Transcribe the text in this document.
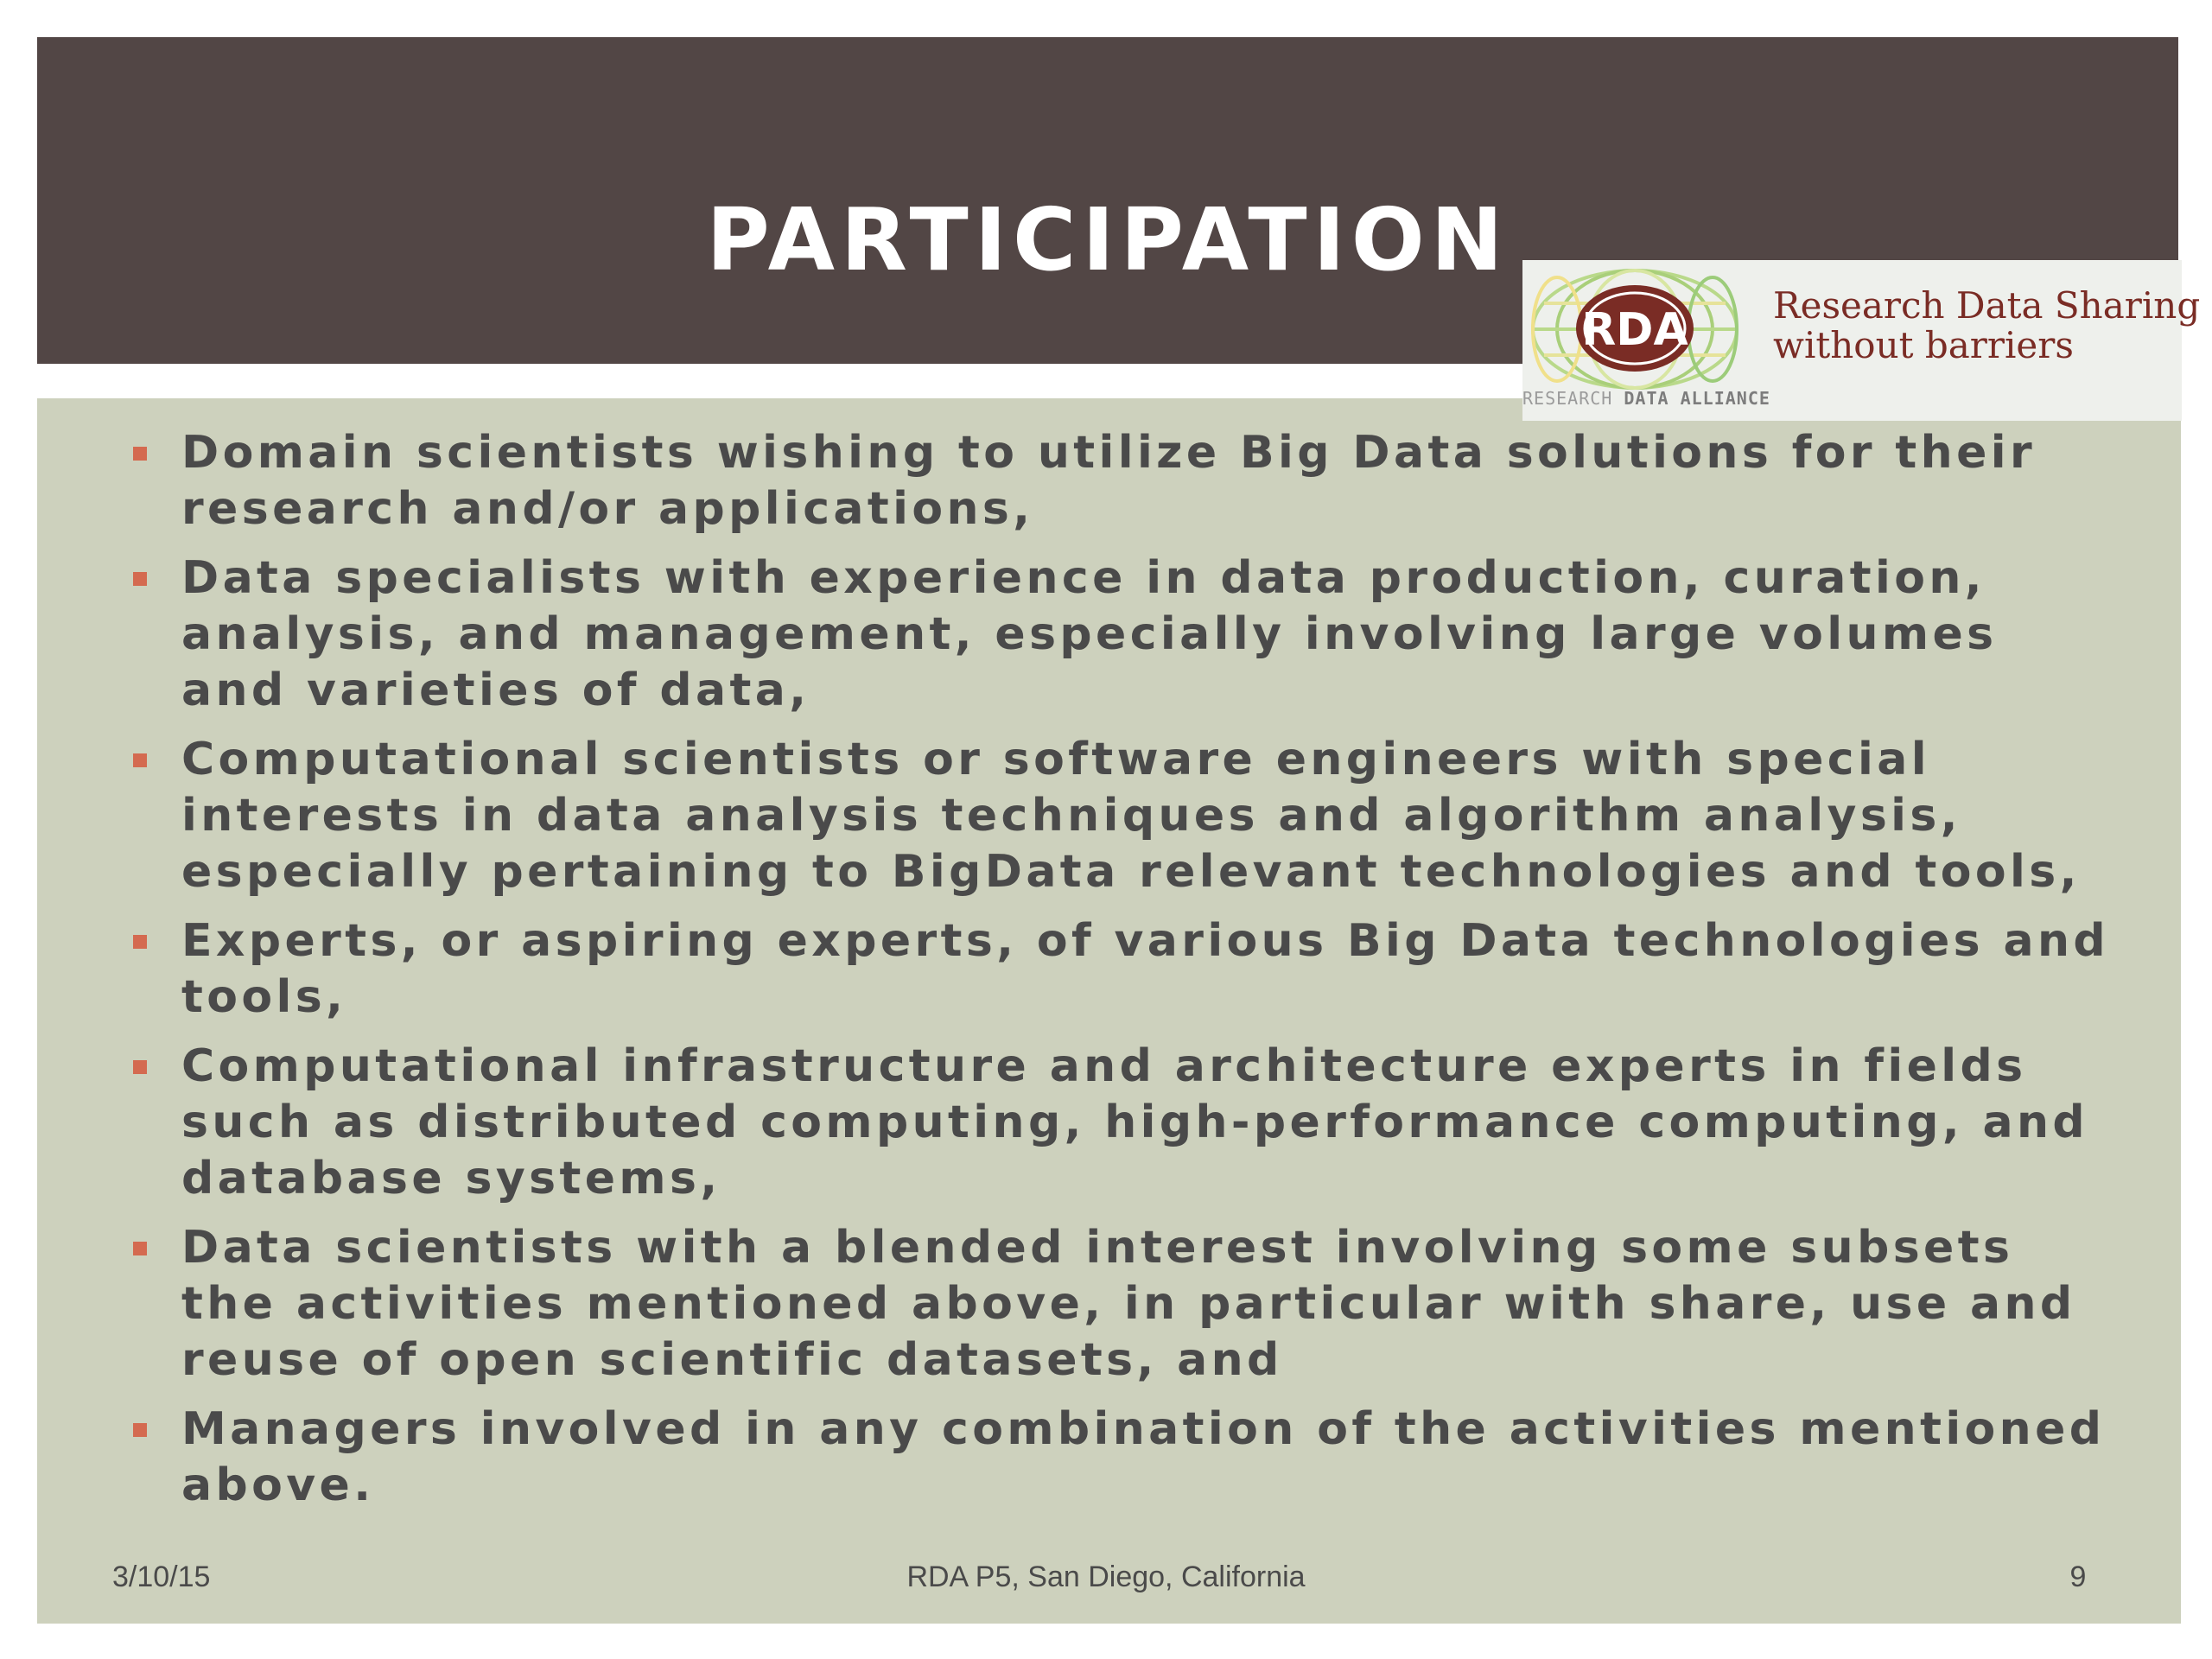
PARTICIPATION
RDA Research Data Sharing
without barriers
RESEARCH DATA ALLIANCE
Domain scientists wishing to utilize Big Data solutions for their research and/or applications,
Data specialists with experience in data production, curation, analysis, and management, especially involving large volumes and varieties of data,
Computational scientists or software engineers with special interests in data analysis techniques and algorithm analysis, especially pertaining to BigData relevant technologies and tools,
Experts, or aspiring experts, of various Big Data technologies and tools,
Computational infrastructure and architecture experts in fields such as distributed computing, high-performance computing, and database systems,
Data scientists with a blended interest involving some subsets the activities mentioned above, in particular with share, use and reuse of open scientific datasets, and
Managers involved in any combination of the activities mentioned above.
3/10/15	RDA P5, San Diego, California	9
